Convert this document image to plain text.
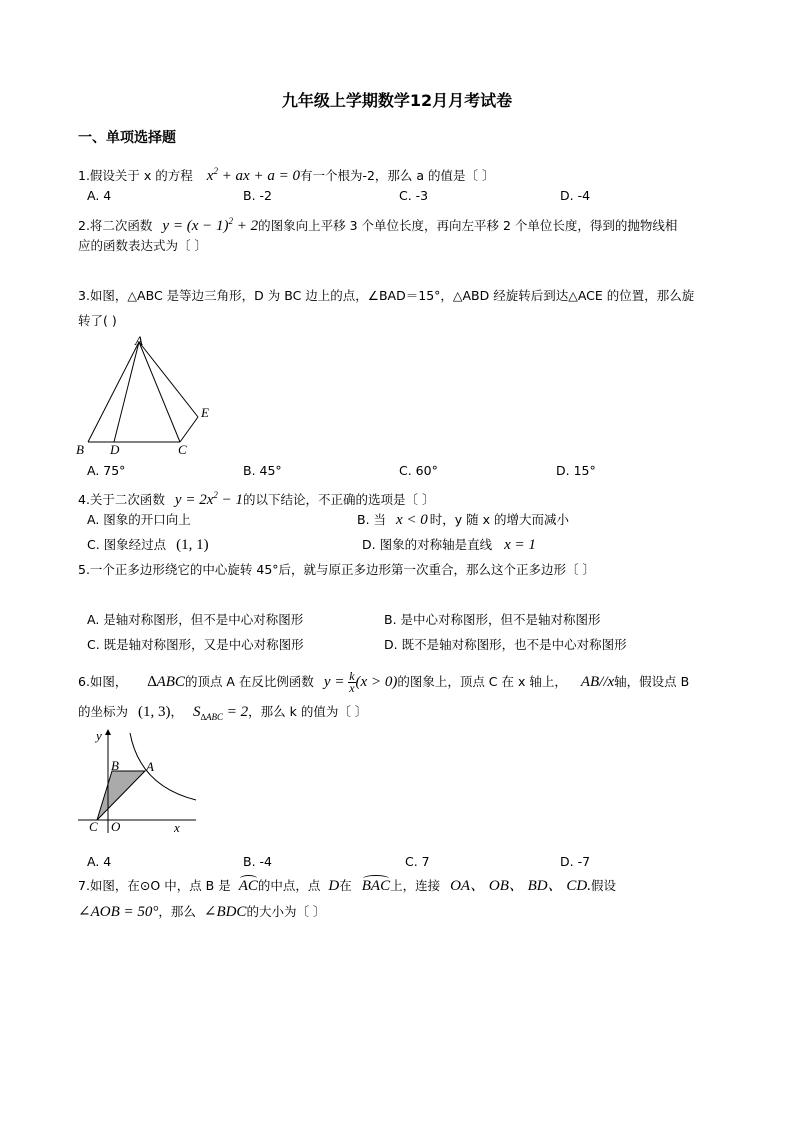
九年级上学期数学12月月考试卷
一、单项选择题
1.假设关于 x 的方程 $x^2$ + ax + a = 0有一个根为-2，那么 a 的值是〔 〕
A. 4	B. -2	C. -3	D. -4
2.将二次函数 $y = (x - 1)^2 + 2$的图象向上平移 3 个单位长度，再向左平移 2 个单位长度，得到的抛物线相
应的函数表达式为〔 〕
3.如图，△ABC 是等边三角形，D 为 BC 边上的点，∠BAD＝15°，△ABD 经旋转后到达△ACE 的位置，那么旋
转了( )
A
B D	C
E
A. 75°	B. 45°	C. 60°	D. 15°
4.关于二次函数 $y = 2x^2 - 1$的以下结论，不正确的选项是〔 〕
A. 图象的开口向上	B. 当 x < 0 时，y 随 x 的增大而减小
C. 图象经过点 (1, 1)	D. 图象的对称轴是直线 x = 1
5.一个正多边形绕它的中心旋转 45°后，就与原正多边形第一次重合，那么这个正多边形〔 〕
A. 是轴对称图形，但不是中心对称图形	B. 是中心对称图形，但不是轴对称图形
C. 既是轴对称图形，又是中心对称图形	D. 既不是轴对称图形，也不是中心对称图形
6.如图， ∆ABC的顶点 A 在反比例函数 $y = \frac{k}{x} (x > 0)$的图象上，顶点 C 在 x 轴上， AB//x轴，假设点 B
的坐标为 (1, 3)， $S_{\Delta ABC} = 2$，那么 k 的值为〔 〕
y
x
B A
C O
A. 4	B. -4	C. 7	D. -7
7.如图，在⊙O 中，点 B 是 AC的中点，点 D在 BAC上，连接 OA、 OB、 BD、 CD.假设
∠AOB = 50°，那么 ∠BDC的大小为〔 〕
